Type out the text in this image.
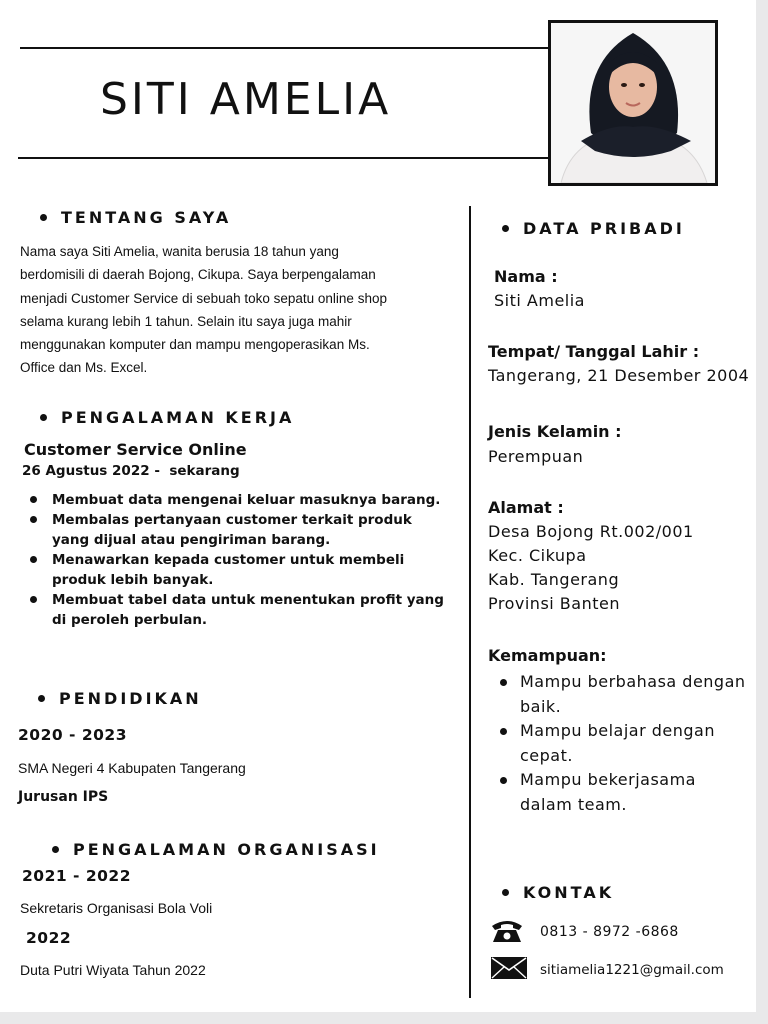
SITI AMELIA
TENTANG SAYA
Nama saya Siti Amelia, wanita berusia 18 tahun yang
berdomisili di daerah Bojong, Cikupa. Saya berpengalaman
menjadi Customer Service di sebuah toko sepatu online shop
selama kurang lebih 1 tahun. Selain itu saya juga mahir
menggunakan komputer dan mampu mengoperasikan Ms.
Office dan Ms. Excel.
PENGALAMAN KERJA
Customer Service Online
26 Agustus 2022 -  sekarang
Membuat data mengenai keluar masuknya barang.
Membalas pertanyaan customer terkait produk yang dijual atau pengiriman barang.
Menawarkan kepada customer untuk membeli produk lebih banyak.
Membuat tabel data untuk menentukan profit yang di peroleh perbulan.
PENDIDIKAN
2020 - 2023
SMA Negeri 4 Kabupaten Tangerang
Jurusan IPS
PENGALAMAN ORGANISASI
2021 - 2022
Sekretaris Organisasi Bola Voli
2022
Duta Putri Wiyata Tahun 2022
DATA PRIBADI
Nama :
Siti Amelia
Tempat/ Tanggal Lahir :
Tangerang, 21 Desember 2004
Jenis Kelamin :
Perempuan
Alamat :
Desa Bojong Rt.002/001
Kec. Cikupa
Kab. Tangerang
Provinsi Banten
Kemampuan:
Mampu berbahasa dengan baik.
Mampu belajar dengan cepat.
Mampu bekerjasama dalam team.
KONTAK
0813 - 8972 -6868
sitiamelia1221@gmail.com
